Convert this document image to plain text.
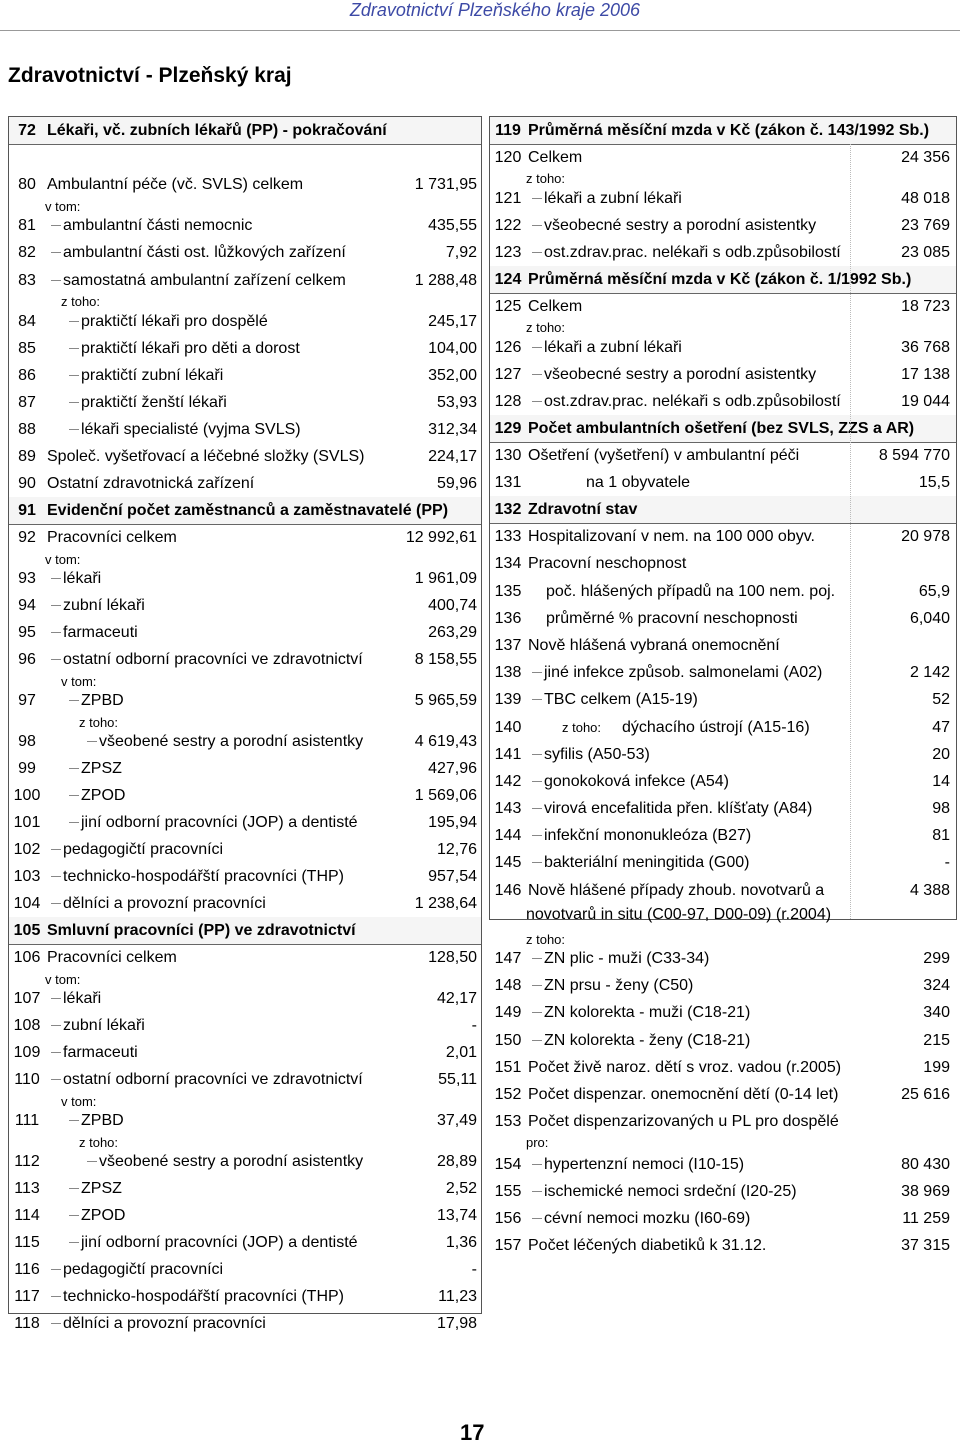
Zdravotnictví Plzeňského kraje 2006
Zdravotnictví - Plzeňský kraj
72 Lékaři, vč. zubních lékařů (PP) - pokračování
80 Ambulantní péče (vč. SVLS) celkem	1 731,95
81	ambulantní části nemocnic	435,55
82	ambulantní části ost. lůžkových zařízení	7,92
83	samostatná ambulantní zařízení celkem	1 288,48
84	praktičtí lékaři pro dospělé	245,17
85	praktičtí lékaři pro děti a dorost	104,00
86	praktičtí zubní lékaři	352,00
87	praktičtí ženští lékaři	53,93
88	lékaři specialisté (vyjma SVLS)	312,34
89 Společ. vyšetřovací a léčebné složky (SVLS)	224,17
90 Ostatní zdravotnická zařízení	59,96
91 Evidenční počet zaměstnanců a zaměstnavatelé (PP)
92 Pracovníci celkem	12 992,61
93	lékaři	1 961,09
94	zubní lékaři	400,74
95	farmaceuti	263,29
96	ostatní odborní pracovníci ve zdravotnictví	8 158,55
97	ZPBD	5 965,59
98	všeobené sestry a porodní asistentky	4 619,43
99	ZPSZ	427,96
100	ZPOD	1 569,06
101	jiní odborní pracovníci (JOP) a dentisté	195,94
102 pedagogičtí pracovníci	12,76
103 technicko-hospodářští pracovníci (THP)	957,54
104 dělníci a provozní pracovníci	1 238,64
105 Smluvní pracovníci (PP) ve zdravotnictví
106 Pracovníci celkem	128,50
107 lékaři	42,17
108 zubní lékaři	-
109 farmaceuti	2,01
110	ostatní odborní pracovníci ve zdravotnictví	55,11
111	ZPBD	37,49
112	všeobené sestry a porodní asistentky	28,89
113	ZPSZ	2,52
114	ZPOD	13,74
115	jiní odborní pracovníci (JOP) a dentisté	1,36
116	pedagogičtí pracovníci	-
117	technicko-hospodářští pracovníci (THP)	11,23
118	dělníci a provozní pracovníci	17,98
v tom:
z toho:
v tom:
v tom:
z toho:
v tom:
v tom:
z toho:
119 Průměrná měsíční mzda v Kč (zákon č. 143/1992 Sb.)
120 Celkem	24 356
121 lékaři a zubní lékaři	48 018
122 všeobecné sestry a porodní asistentky	23 769
123 ost.zdrav.prac. nelékaři s odb.způsobilostí	23 085
124 Průměrná měsíční mzda v Kč (zákon č. 1/1992 Sb.)
125 Celkem	18 723
126 lékaři a zubní lékaři	36 768
127 všeobecné sestry a porodní asistentky	17 138
128 ost.zdrav.prac. nelékaři s odb.způsobilostí	19 044
129 Počet ambulantních ošetření (bez SVLS, ZZS a AR)
130 Ošetření (vyšetření) v ambulantní péči	8 594 770
131	na 1 obyvatele	15,5
132 Zdravotní stav
133 Hospitalizovaní v nem. na 100 000 obyv.	20 978
134 Pracovní neschopnost
135 poč. hlášených případů na 100 nem. poj.	65,9
136 průměrné % pracovní neschopnosti	6,040
137 Nově hlášená vybraná onemocnění
138 jiné infekce způsob. salmonelami (A02)	2 142
139 TBC celkem (A15-19)	52
140	dýchacího ústrojí (A15-16)	47
141 syfilis (A50-53)	20
142 gonokoková infekce (A54)	14
143 virová encefalitida přen. klíšťaty (A84)	98
144 infekční mononukleóza (B27)	81
145 bakteriální meningitida (G00)	-
146 Nově hlášené případy zhoub. novotvarů a	4 388
147 ZN plic - muži (C33-34)	299
148 ZN prsu - ženy (C50)	324
149 ZN kolorekta - muži (C18-21)	340
150 ZN kolorekta - ženy (C18-21)	215
151 Počet živě naroz. dětí s vroz. vadou (r.2005)	199
152 Počet dispenzar. onemocnění dětí (0-14 let)	25 616
153 Počet dispenzarizovaných u PL pro dospělé
154 hypertenzní nemoci (I10-15)	80 430
155 ischemické nemoci srdeční (I20-25)	38 969
156 cévní nemoci mozku (I60-69)	11 259
157 Počet léčených diabetiků k 31.12.	37 315
z toho:
z toho:
z toho:
novotvarů in situ (C00-97, D00-09) (r.2004)
z toho:
pro:
17
